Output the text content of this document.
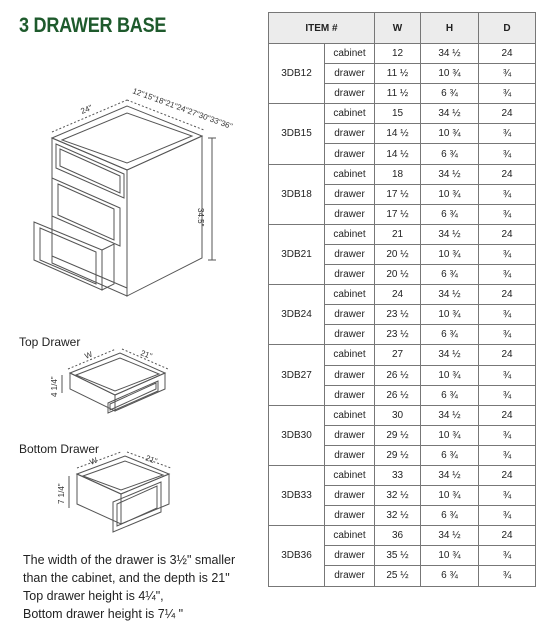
3 DRAWER BASE
24"	12"15"18"21"24"27"30"33"36"
34.5"
Top Drawer
W	21"
4 1/4"
Bottom Drawer
W	21"
7 1/4"
The width of the drawer is 3½" smaller
than the cabinet, and the depth is 21"
Top drawer height is 4¼",
Bottom drawer height is 7¼ "
ITEM #		W	H	D
3DB12	cabinet	12	34 ½	24
	drawer	11 ½	10 ¾	¾
	drawer	11 ½	6 ¾	¾
3DB15	cabinet	15	34 ½	24
	drawer	14 ½	10 ¾	¾
	drawer	14 ½	6 ¾	¾
3DB18	cabinet	18	34 ½	24
	drawer	17 ½	10 ¾	¾
	drawer	17 ½	6 ¾	¾
3DB21	cabinet	21	34 ½	24
	drawer	20 ½	10 ¾	¾
	drawer	20 ½	6 ¾	¾
3DB24	cabinet	24	34 ½	24
	drawer	23 ½	10 ¾	¾
	drawer	23 ½	6 ¾	¾
3DB27	cabinet	27	34 ½	24
	drawer	26 ½	10 ¾	¾
	drawer	26 ½	6 ¾	¾
3DB30	cabinet	30	34 ½	24
	drawer	29 ½	10 ¾	¾
	drawer	29 ½	6 ¾	¾
3DB33	cabinet	33	34 ½	24
	drawer	32 ½	10 ¾	¾
	drawer	32 ½	6 ¾	¾
3DB36	cabinet	36	34 ½	24
	drawer	35 ½	10 ¾	¾
	drawer	25 ½	6 ¾	¾
